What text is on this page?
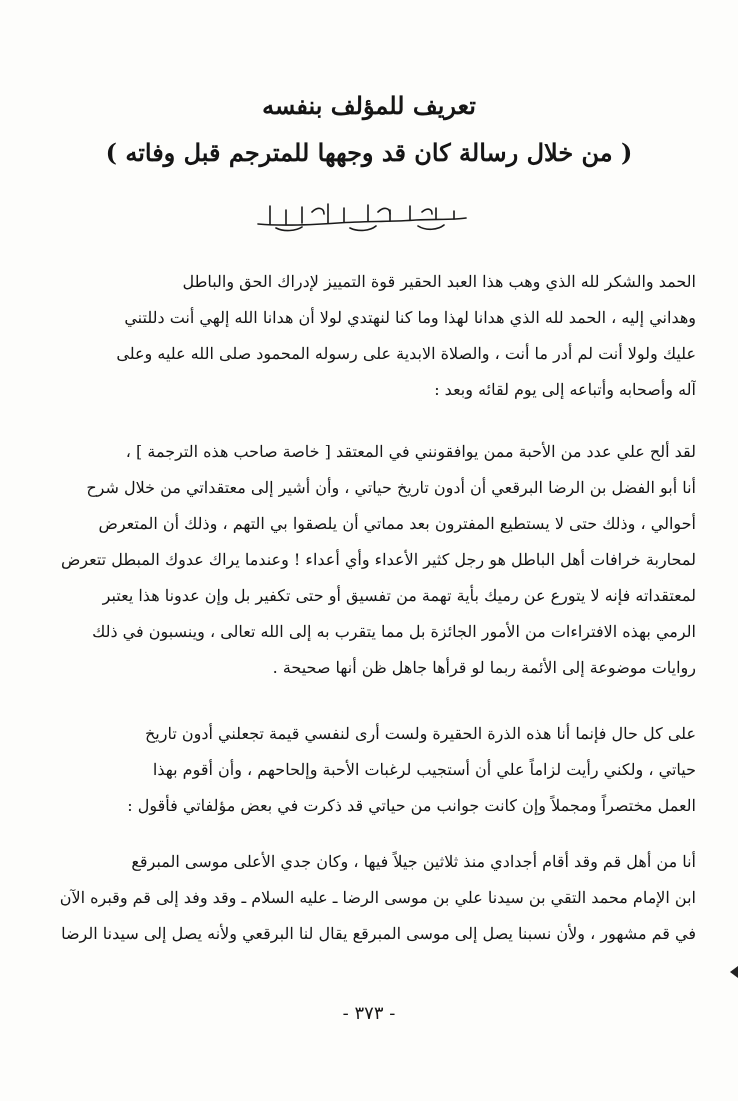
تعريف للمؤلف بنفسه
( من خلال رسالة كان قد وجهها للمترجم قبل وفاته )

الحمد والشكر لله الذي وهب هذا العبد الحقير قوة التمييز لإدراك الحق والباطل

وهداني إليه ، الحمد لله الذي هدانا لهذا وما كنا لنهتدي لولا أن هدانا الله إلهي أنت دللتني

عليك ولولا أنت لم أدر ما أنت ، والصلاة الابدية على رسوله المحمود صلى الله عليه وعلى

آله وأصحابه وأتباعه إلى يوم لقائه وبعد :

لقد ألح علي عدد من الأحبة ممن يوافقونني في المعتقد [ خاصة صاحب هذه الترجمة ] ،

أنا أبو الفضل بن الرضا البرقعي أن أدون تاريخ حياتي ، وأن أشير إلى معتقداتي من خلال شرح

أحوالي ، وذلك حتى لا يستطيع المفترون بعد مماتي أن يلصقوا بي التهم ، وذلك أن المتعرض

لمحاربة خرافات أهل الباطل هو رجل كثير الأعداء وأي أعداء ! وعندما يراك عدوك المبطل تتعرض

لمعتقداته فإنه لا يتورع عن رميك بأية تهمة من تفسيق أو حتى تكفير بل وإن عدونا هذا يعتبر

الرمي بهذه الافتراءات من الأمور الجائزة بل مما يتقرب به إلى الله تعالى ، وينسبون في ذلك

روايات موضوعة إلى الأئمة ربما لو قرأها جاهل ظن أنها صحيحة .

على كل حال فإنما أنا هذه الذرة الحقيرة ولست أرى لنفسي قيمة تجعلني أدون تاريخ

حياتي ، ولكني رأيت لزاماً علي أن أستجيب لرغبات الأحبة وإلحاحهم ، وأن أقوم بهذا

العمل مختصراً ومجملاً وإن كانت جوانب من حياتي قد ذكرت في بعض مؤلفاتي فأقول :

أنا من أهل قم وقد أقام أجدادي منذ ثلاثين جيلاً فيها ، وكان جدي الأعلى موسى المبرقع

ابن الإمام محمد التقي بن سيدنا علي بن موسى الرضا ـ عليه السلام ـ وقد وفد إلى قم وقبره الآن

في قم مشهور ، ولأن نسبنا يصل إلى موسى المبرقع يقال لنا البرقعي ولأنه يصل إلى سيدنا الرضا

- ٣٧٣ -
